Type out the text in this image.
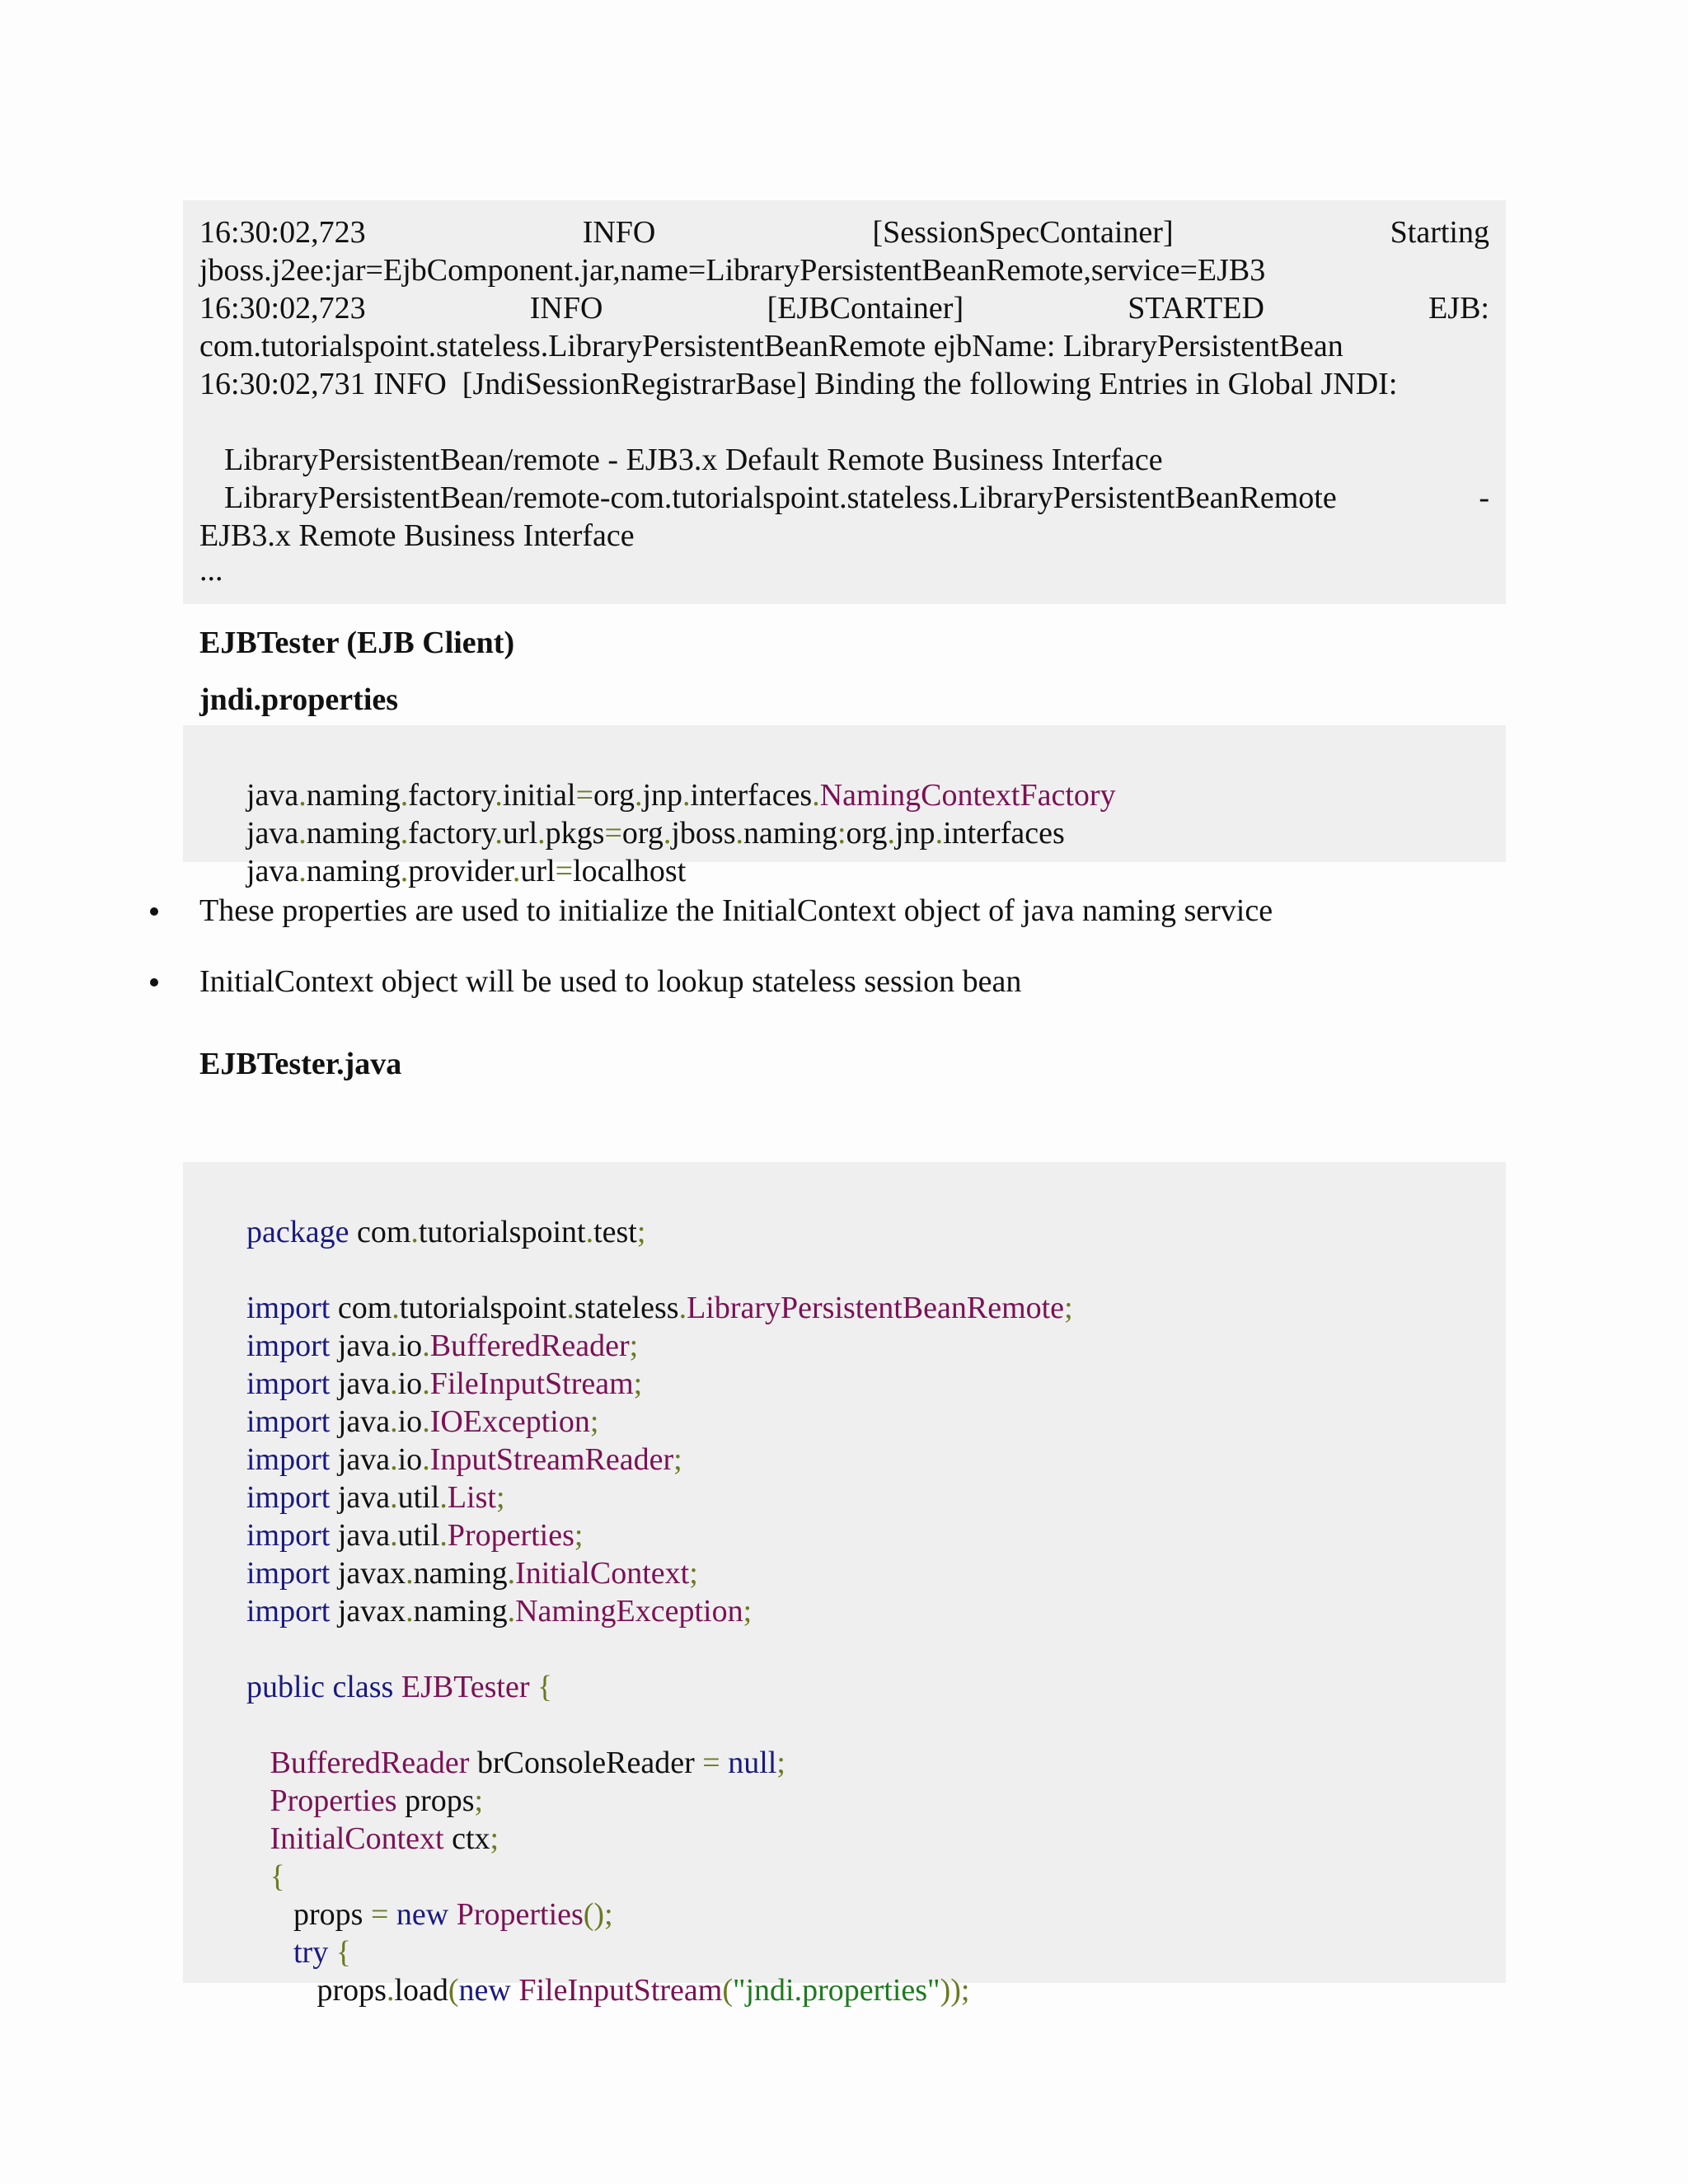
16:30:02,723	INFO	[SessionSpecContainer]	Starting
jboss.j2ee:jar=EjbComponent.jar,name=LibraryPersistentBeanRemote,service=EJB3
16:30:02,723	INFO	[EJBContainer]	STARTED	EJB:
com.tutorialspoint.stateless.LibraryPersistentBeanRemote ejbName: LibraryPersistentBean
16:30:02,731 INFO  [JndiSessionRegistrarBase] Binding the following Entries in Global JNDI:
LibraryPersistentBean/remote - EJB3.x Default Remote Business Interface
LibraryPersistentBean/remote-com.tutorialspoint.stateless.LibraryPersistentBeanRemote	-
EJB3.x Remote Business Interface
...
EJBTester (EJB Client)
jndi.properties

java.naming.factory.initial=org.jnp.interfaces.NamingContextFactory

java.naming.factory.url.pkgs=org.jboss.naming:org.jnp.interfaces

java.naming.provider.url=localhost

These properties are used to initialize the InitialContext object of java naming service
InitialContext object will be used to lookup stateless session bean
EJBTester.java

package com.tutorialspoint.test;

import com.tutorialspoint.stateless.LibraryPersistentBeanRemote;

import java.io.BufferedReader;

import java.io.FileInputStream;

import java.io.IOException;

import java.io.InputStreamReader;

import java.util.List;

import java.util.Properties;

import javax.naming.InitialContext;

import javax.naming.NamingException;

public class EJBTester {

BufferedReader brConsoleReader = null;

Properties props;

InitialContext ctx;

{

props = new Properties();

try {

props.load(new FileInputStream("jndi.properties"));
